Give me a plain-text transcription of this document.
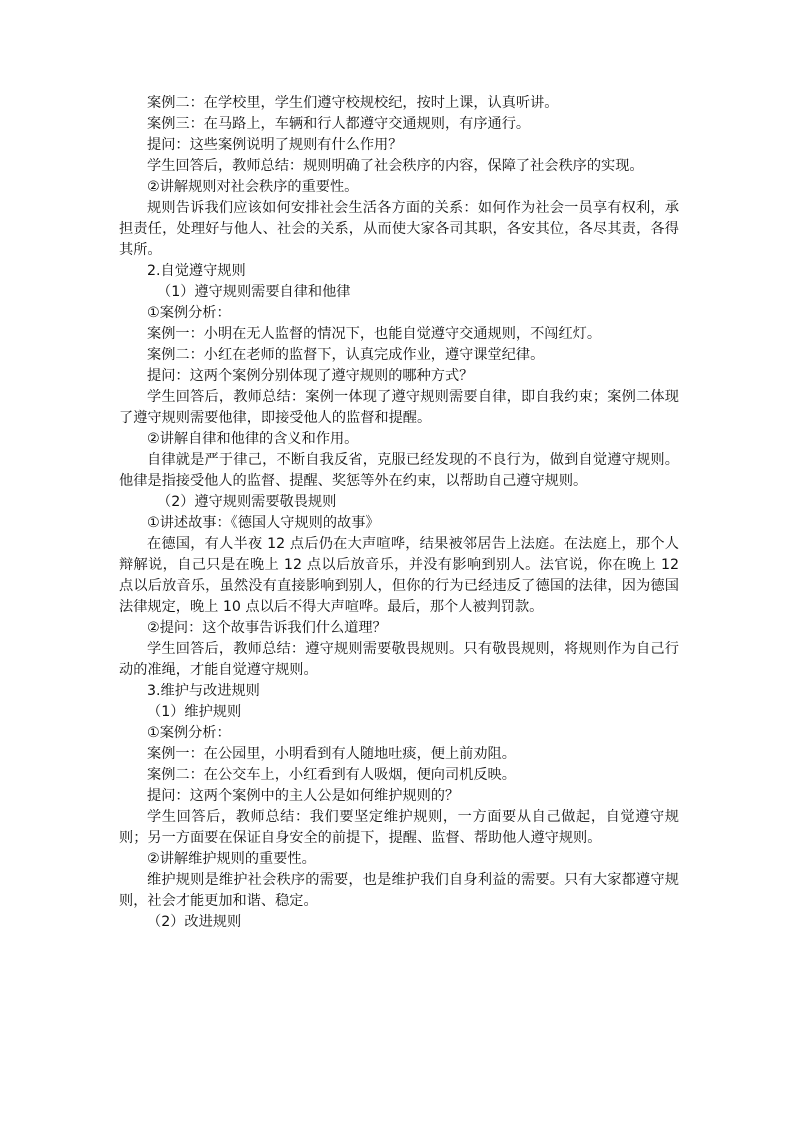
案例二：在学校里，学生们遵守校规校纪，按时上课，认真听讲。

案例三：在马路上，车辆和行人都遵守交通规则，有序通行。

提问：这些案例说明了规则有什么作用？

学生回答后，教师总结：规则明确了社会秩序的内容，保障了社会秩序的实现。

②讲解规则对社会秩序的重要性。

规则告诉我们应该如何安排社会生活各方面的关系：如何作为社会一员享有权利，承担责任，处理好与他人、社会的关系，从而使大家各司其职，各安其位，各尽其责，各得其所。

2.自觉遵守规则

（1）遵守规则需要自律和他律

①案例分析：

案例一：小明在无人监督的情况下，也能自觉遵守交通规则，不闯红灯。

案例二：小红在老师的监督下，认真完成作业，遵守课堂纪律。

提问：这两个案例分别体现了遵守规则的哪种方式？

学生回答后，教师总结：案例一体现了遵守规则需要自律，即自我约束；案例二体现了遵守规则需要他律，即接受他人的监督和提醒。

②讲解自律和他律的含义和作用。

自律就是严于律己，不断自我反省，克服已经发现的不良行为，做到自觉遵守规则。他律是指接受他人的监督、提醒、奖惩等外在约束，以帮助自己遵守规则。

（2）遵守规则需要敬畏规则

①讲述故事：《德国人守规则的故事》

在德国，有人半夜 12 点后仍在大声喧哗，结果被邻居告上法庭。在法庭上，那个人辩解说，自己只是在晚上 12 点以后放音乐，并没有影响到别人。法官说，你在晚上 12 点以后放音乐，虽然没有直接影响到别人，但你的行为已经违反了德国的法律，因为德国法律规定，晚上 10 点以后不得大声喧哗。最后，那个人被判罚款。

②提问：这个故事告诉我们什么道理？

学生回答后，教师总结：遵守规则需要敬畏规则。只有敬畏规则，将规则作为自己行动的准绳，才能自觉遵守规则。

3.维护与改进规则

（1）维护规则

①案例分析：

案例一：在公园里，小明看到有人随地吐痰，便上前劝阻。

案例二：在公交车上，小红看到有人吸烟，便向司机反映。

提问：这两个案例中的主人公是如何维护规则的？

学生回答后，教师总结：我们要坚定维护规则，一方面要从自己做起，自觉遵守规则；另一方面要在保证自身安全的前提下，提醒、监督、帮助他人遵守规则。

②讲解维护规则的重要性。

维护规则是维护社会秩序的需要，也是维护我们自身利益的需要。只有大家都遵守规则，社会才能更加和谐、稳定。

（2）改进规则
